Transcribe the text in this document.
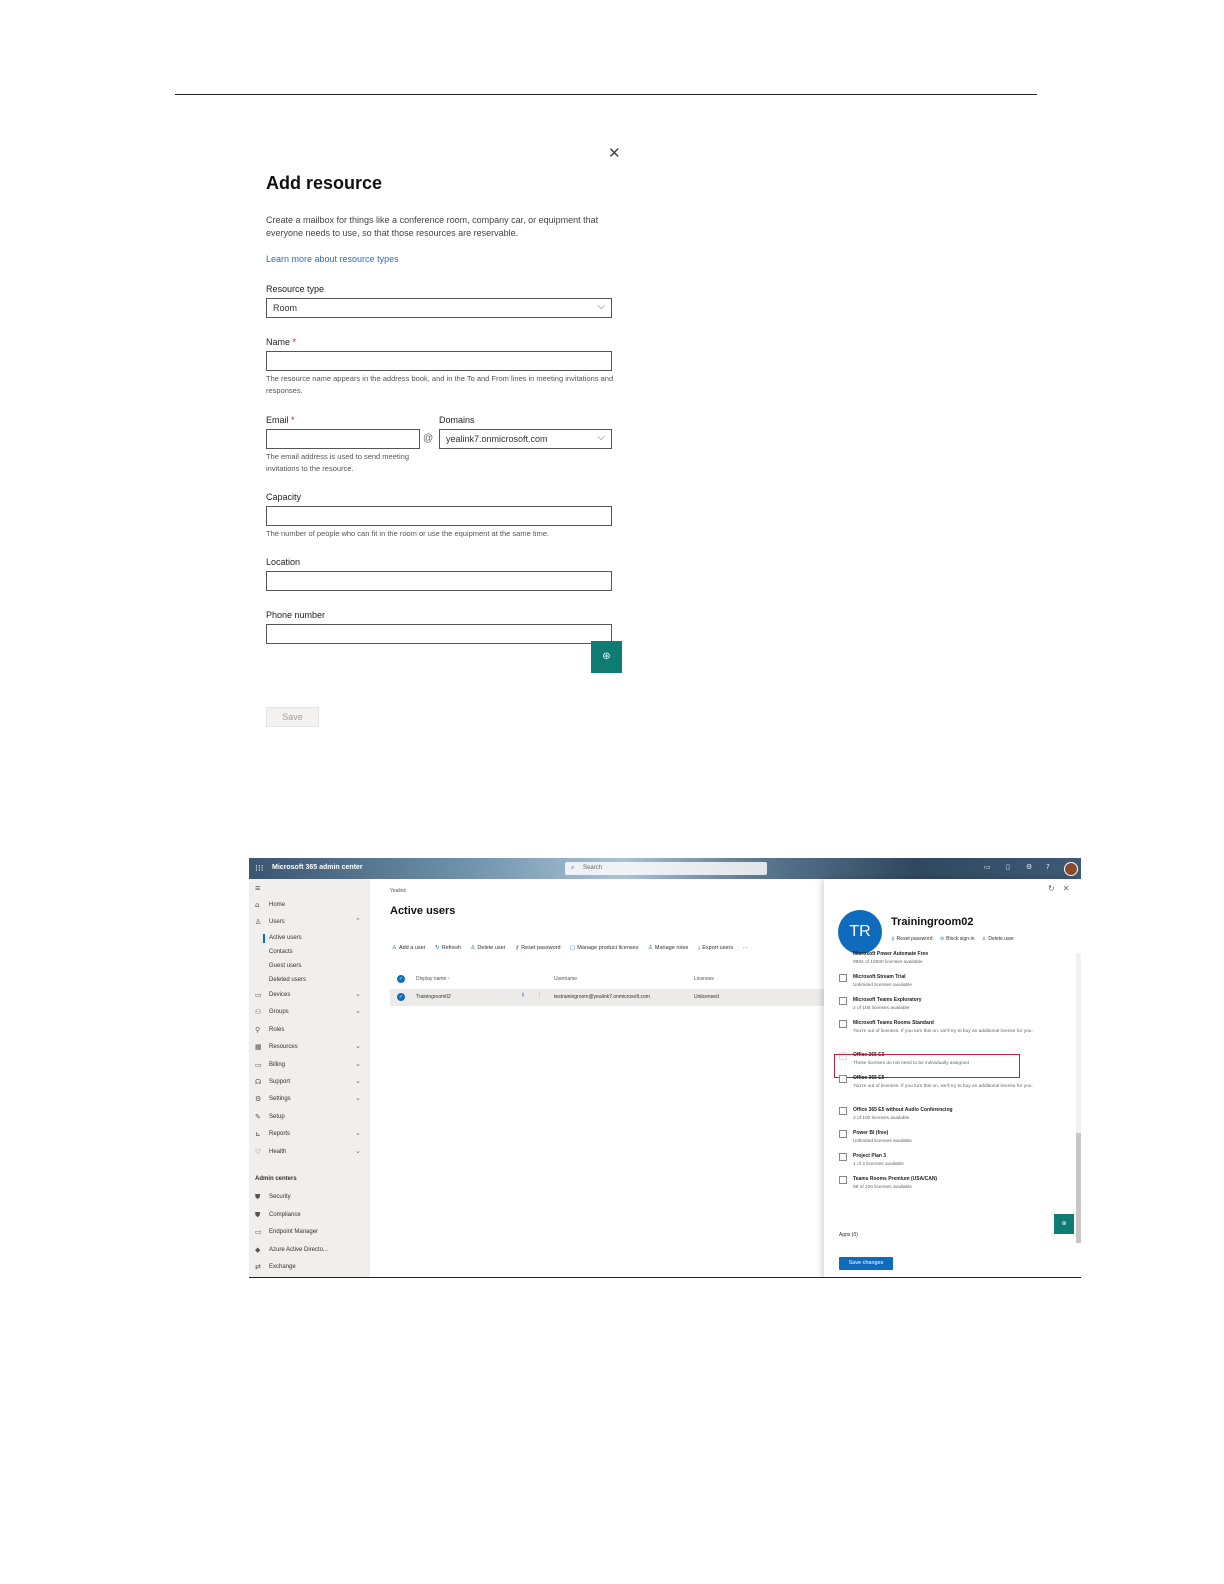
✕
Add resource
Create a mailbox for things like a conference room, company car, or equipment that everyone needs to use, so that those resources are reservable.
Learn more about resource types
Resource type
Room	⌵
Name *
The resource name appears in the address book, and in the To and From lines in meeting invitations and responses.
Email *
@
Domains
yealink7.onmicrosoft.com	⌵
The email address is used to send meeting invitations to the resource.
Capacity
The number of people who can fit in the room or use the equipment at the same time.
Location
Phone number
⊛
Save
⁝⁝⁝ Microsoft 365 admin center	⌕ Search	▭ ▯ ⚙ ?
≡
⌂ Home
♙ Users	⌃
Active users
Contacts
Guest users
Deleted users
▭ Devices	⌄
⚇ Groups	⌄
⚲ Roles
▦ Resources	⌄
▭ Billing	⌄
☊ Support	⌄
⚙ Settings	⌄
✎ Setup
⊾ Reports	⌄
♡ Health	⌄
Admin centers
⛊ Security
⛊ Compliance
▭ Endpoint Manager
◆ Azure Active Directo...
⇄ Exchange
Yealink
Active users
♙ Add a user ↻ Refresh ♙ Delete user ⚷ Reset password ▢ Manage product licenses ♙ Manage roles ⤓ Export users ···
✓	Display name ↑	Username	Licenses
✓	Trainingroom02	⚷ ⋮ testrainingroom@yealink7.onmicrosoft.com	Unlicensed
↻✕
TR
Trainingroom02
⚷ Reset password ⊘ Block sign-in ♙ Delete user
Microsoft Power Automate Free
9984 of 10000 licenses available
Microsoft Stream Trial
Unlimited licenses available
Microsoft Teams Exploratory
2 of 100 licenses available
Microsoft Teams Rooms Standard
You're out of licenses. If you turn this on, we'll try to buy an additional license for you.
Office 365 E3
These licenses do not need to be individually assigned
Office 365 E5
You're out of licenses. If you turn this on, we'll try to buy an additional license for you.
Office 365 E5 without Audio Conferencing
2 of 100 licenses available
Power BI (free)
Unlimited licenses available
Project Plan 3
1 of 2 licenses available
Teams Rooms Premium (USA/CAN)
99 of 100 licenses available
⊛
Apps (0)
Save changes
